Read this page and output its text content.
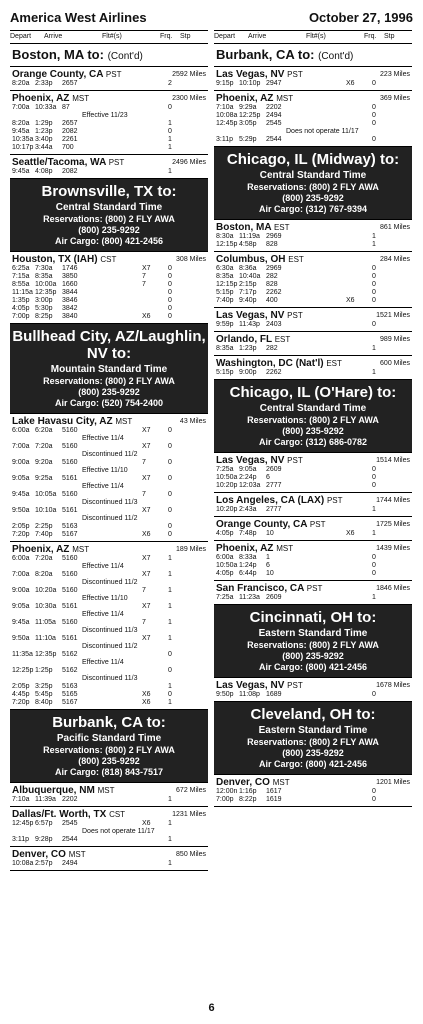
America West Airlines	October 27, 1996
Depart Arrive	Flt#(s)	Frq. Stp
Boston, MA to: (Cont'd)
Orange County, CA PST	2592 Miles
8:20a 2:33p 2657	2
Phoenix, AZ MST	2300 Miles
7:00a 10:33a 87	0
Effective 11/23
8:20a 1:29p 2657	1
9:45a 1:23p 2082	0
10:35a 3:40p 2261	1
10:17p 3:44a 700	1
Seattle/Tacoma, WA PST	2496 Miles
9:45a 4:08p 2082	1
Brownsville, TX to:
Central Standard Time
Reservations: (800) 2 FLY AWA
(800) 235-9292
Air Cargo: (800) 421-2456
Houston, TX (IAH) CST	308 Miles
6:25a 7:30a 1746	X7 0
7:15a 8:35a 3850	7	0
8:55a 10:00a 1660	7	0
11:15a 12:35p 3844	0
1:35p 3:00p 3846	0
4:05p 5:30p 3842	0
7:00p 8:25p 3840	X6 0
Bullhead City, AZ/Laughlin, NV to:
Mountain Standard Time
Reservations: (800) 2 FLY AWA
(800) 235-9292
Air Cargo: (520) 754-2400
Lake Havasu City, AZ MST	43 Miles
6:00a 6:20a 5160	X7 0
Effective 11/4
7:00a 7:20a 5160	X7 0
Discontinued 11/2
9:00a 9:20a 5160	7	0
Effective 11/10
9:05a 9:25a 5161	X7 0
Effective 11/4
9:45a 10:05a 5160	7	0
Discontinued 11/3
9:50a 10:10a 5161	X7 0
Discontinued 11/2
2:05p 2:25p 5163	0
7:20p 7:40p 5167	X6 0
Phoenix, AZ MST	189 Miles
6:00a 7:20a 5160	X7 1
Effective 11/4
7:00a 8:20a 5160	X7 1
Discontinued 11/2
9:00a 10:20a 5160	7	1
Effective 11/10
9:05a 10:30a 5161	X7 1
Effective 11/4
9:45a 11:05a 5160	7	1
Discontinued 11/3
9:50a 11:10a 5161	X7 1
Discontinued 11/2
11:35a 12:35p 5162	0
Effective 11/4
12:25p 1:25p 5162	0
Discontinued 11/3
2:05p 3:25p 5163	1
4:45p 5:45p 5165	X6 0
7:20p 8:40p 5167	X6 1
Burbank, CA to:
Pacific Standard Time
Reservations: (800) 2 FLY AWA
(800) 235-9292
Air Cargo: (818) 843-7517
Albuquerque, NM MST	672 Miles
7:10a 11:39a 2202	1
Dallas/Ft. Worth, TX CST	1231 Miles
12:45p 6:57p 2545	X6 1
Does not operate 11/17
3:11p 9:28p 2544	1
Denver, CO MST	850 Miles
10:08a 2:57p 2494	1
Depart Arrive	Flt#(s)	Frq. Stp
Burbank, CA to: (Cont'd)
Las Vegas, NV PST	223 Miles
9:15p 10:10p 2947	X6 0
Phoenix, AZ MST	369 Miles
7:10a 9:29a 2202	0
10:08a 12:25p 2494	0
12:45p 3:05p 2545	0
Does not operate 11/17
3:11p 5:29p 2544	0
Chicago, IL (Midway) to:
Central Standard Time
Reservations: (800) 2 FLY AWA
(800) 235-9292
Air Cargo: (312) 767-9394
Boston, MA EST	861 Miles
8:30a 11:19a 2969	1
12:15p 4:58p 828	1
Columbus, OH EST	284 Miles
6:30a 8:36a 2969	0
8:35a 10:40a 282	0
12:15p 2:15p 828	0
5:15p 7:17p 2262	0
7:40p 9:40p 400	X6 0
Las Vegas, NV PST	1521 Miles
9:59p 11:43p 2403	0
Orlando, FL EST	989 Miles
8:35a 1:23p 282	1
Washington, DC (Nat'l) EST	600 Miles
5:15p 9:00p 2262	1
Chicago, IL (O'Hare) to:
Central Standard Time
Reservations: (800) 2 FLY AWA
(800) 235-9292
Air Cargo: (312) 686-0782
Las Vegas, NV PST	1514 Miles
7:25a 9:05a 2609	0
10:50a 2:24p 6	0
10:20p 12:03a 2777	0
Los Angeles, CA (LAX) PST	1744 Miles
10:20p 2:43a 2777	1
Orange County, CA PST	1725 Miles
4:05p 7:48p 10	X6 1
Phoenix, AZ MST	1439 Miles
6:00a 8:33a 1	0
10:50a 1:24p 6	0
4:05p 6:44p 10	0
San Francisco, CA PST	1846 Miles
7:25a 11:23a 2609	1
Cincinnati, OH to:
Eastern Standard Time
Reservations: (800) 2 FLY AWA
(800) 235-9292
Air Cargo: (800) 421-2456
Las Vegas, NV PST	1678 Miles
9:50p 11:08p 1689	0
Cleveland, OH to:
Eastern Standard Time
Reservations: (800) 2 FLY AWA
(800) 235-9292
Air Cargo: (800) 421-2456
Denver, CO MST	1201 Miles
12:00n 1:16p 1617	0
7:00p 8:22p 1619	0
6
